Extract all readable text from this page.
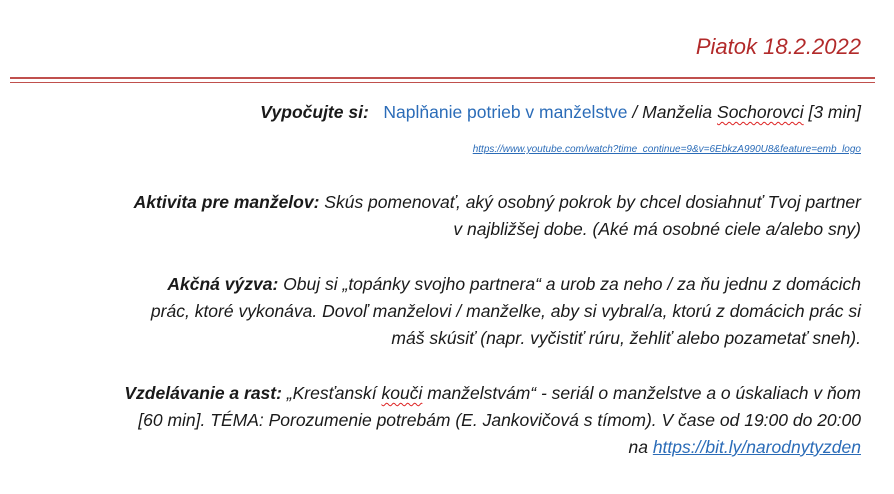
Piatok 18.2.2022
Vypočujte si: Naplňanie potrieb v manželstve / Manželia Sochorovci [3 min]
https://www.youtube.com/watch?time_continue=9&v=6EbkzA990U8&feature=emb_logo
Aktivita pre manželov: Skús pomenovať, aký osobný pokrok by chcel dosiahnuť Tvoj partner
v najbližšej dobe. (Aké má osobné ciele a/alebo sny)
Akčná výzva: Obuj si „topánky svojho partnera“ a urob za neho / za ňu jednu z domácich
prác, ktoré vykonáva. Dovoľ manželovi / manželke, aby si vybral/a, ktorú z domácich prác si
máš skúsiť (napr. vyčistiť rúru, žehliť alebo pozametať sneh).
Vzdelávanie a rast: „Kresťanskí kouči manželstvám“ - seriál o manželstve a o úskaliach v ňom
[60 min]. TÉMA: Porozumenie potrebám (E. Jankovičová s tímom). V čase od 19:00 do 20:00
na https://bit.ly/narodnytyzden
